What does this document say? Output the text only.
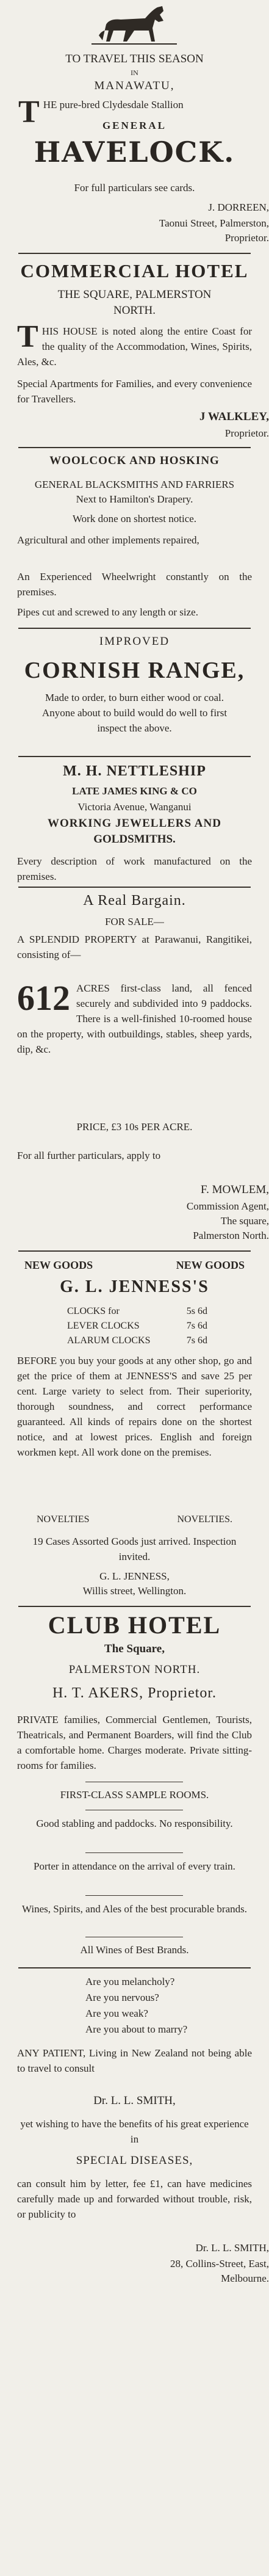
TO TRAVEL THIS SEASON
IN
MANAWATU,
T HE pure-bred Clydesdale Stallion
GENERAL
HAVELOCK.
For full particulars see cards.
J. DORREEN,
Taonui Street, Palmerston,
Proprietor.
COMMERCIAL HOTEL
THE SQUARE, PALMERSTON NORTH.
THIS HOUSE is noted along the entire Coast for the quality of the Accommodation, Wines, Spirits, Ales, &c.
Special Apartments for Families, and every convenience for Travellers.
J WALKLEY,
Proprietor.
WOOLCOCK AND HOSKING
GENERAL BLACKSMITHS AND FARRIERS
Next to Hamilton's Drapery.
Work done on shortest notice.
Agricultural and other implements repaired,
An Experienced Wheelwright constantly on the premises.
Pipes cut and screwed to any length or size.
IMPROVED
CORNISH RANGE,
Made to order, to burn either wood or coal. Anyone about to build would do well to first inspect the above.
M. H. NETTLESHIP
LATE JAMES KING & CO
Victoria Avenue, Wanganui
WORKING JEWELLERS AND
GOLDSMITHS.
Every description of work manufactured on the premises.
A Real Bargain.
FOR SALE—
A SPLENDID PROPERTY at Parawanui, Rangitikei, consisting of—
612 ACRES first-class land, all fenced securely and subdivided into 9 paddocks. There is a well-finished 10-roomed house on the property, with outbuildings, stables, sheep yards, dip, &c.
PRICE, £3 10s PER ACRE.
For all further particulars, apply to
F. MOWLEM,
Commission Agent,
The square,
Palmerston North.
NEW GOODS	NEW GOODS
G. L. JENNESS'S
CLOCKS for	5s 6d
LEVER CLOCKS	7s 6d
ALARUM CLOCKS	7s 6d
BEFORE you buy your goods at any other shop, go and get the price of them at JENNESS'S and save 25 per cent. Large variety to select from. Their superiority, thorough soundness, and correct performance guaranteed. All kinds of repairs done on the shortest notice, and at lowest prices. English and foreign workmen kept. All work done on the premises.
NOVELTIES	NOVELTIES.
19 Cases Assorted Goods just arrived. Inspection invited.
G. L. JENNESS,
Willis street, Wellington.
CLUB HOTEL
The Square,
PALMERSTON NORTH.
H. T. AKERS, Proprietor.
PRIVATE families, Commercial Gentlemen, Tourists, Theatricals, and Permanent Boarders, will find the Club a comfortable home. Charges moderate. Private sitting-rooms for families.
FIRST-CLASS SAMPLE ROOMS.
Good stabling and paddocks. No responsibility.
Porter in attendance on the arrival of every train.
Wines, Spirits, and Ales of the best procurable brands.
All Wines of Best Brands.
Are you melancholy?
Are you nervous?
Are you weak?
Are you about to marry?
ANY PATIENT, Living in New Zealand not being able to travel to consult
Dr. L. L. SMITH,
yet wishing to have the benefits of his great experience in
SPECIAL DISEASES,
can consult him by letter, fee £1, can have medicines carefully made up and forwarded without trouble, risk, or publicity to
Dr. L. L. SMITH,
28, Collins-Street, East,
Melbourne.
